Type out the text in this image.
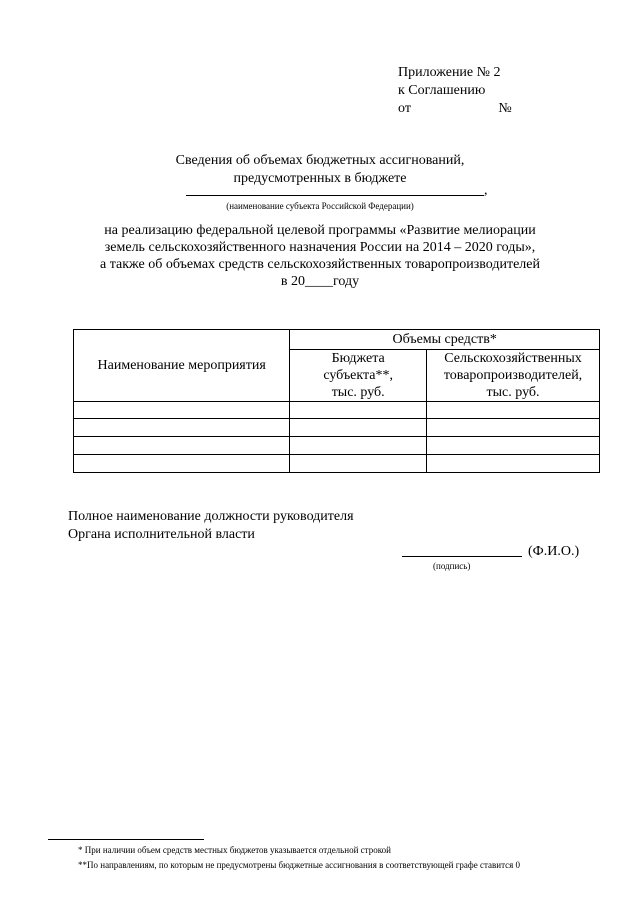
Приложение № 2
к Соглашению
от                         №
Сведения об объемах бюджетных ассигнований,
предусмотренных в бюджете
,
(наименование субъекта Российской Федерации)
на реализацию федеральной целевой программы «Развитие мелиорации
земель сельскохозяйственного назначения России на 2014 – 2020 годы»,
а также об объемах средств сельскохозяйственных товаропроизводителей
в 20____году
Наименование мероприятия	Объемы средств*	

	Бюджета субъекта**, тыс. руб.	Сельскохозяйственных товаропроизводителей, тыс. руб.

Полное наименование должности руководителя
Органа исполнительной власти
(Ф.И.О.)
(подпись)
* При наличии объем средств местных бюджетов указывается отдельной строкой
**По направлениям, по которым не предусмотрены бюджетные ассигнования в соответствующей графе ставится 0
